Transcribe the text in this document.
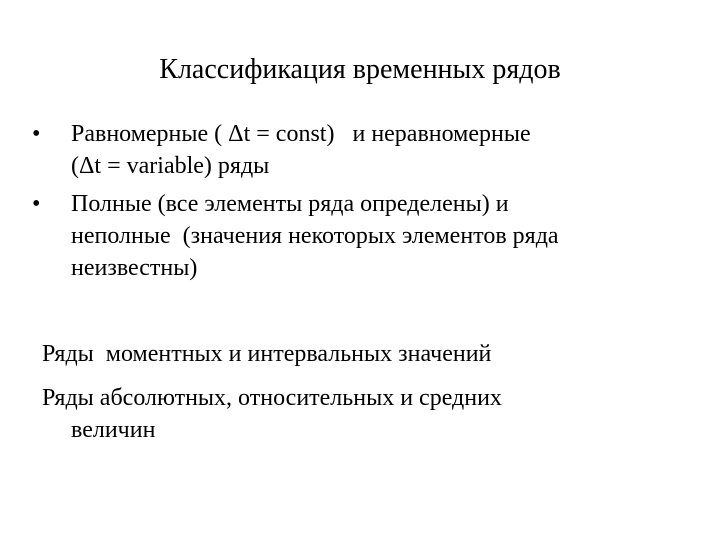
Классификация временных рядов
•	Равномерные ( Δt = const) и неравномерные
(Δt = variable) ряды
•	Полные (все элементы ряда определены) и
неполные  (значения некоторых элементов ряда
неизвестны)
Ряды  моментных и интервальных значений
Ряды абсолютных, относительных и средних
величин
